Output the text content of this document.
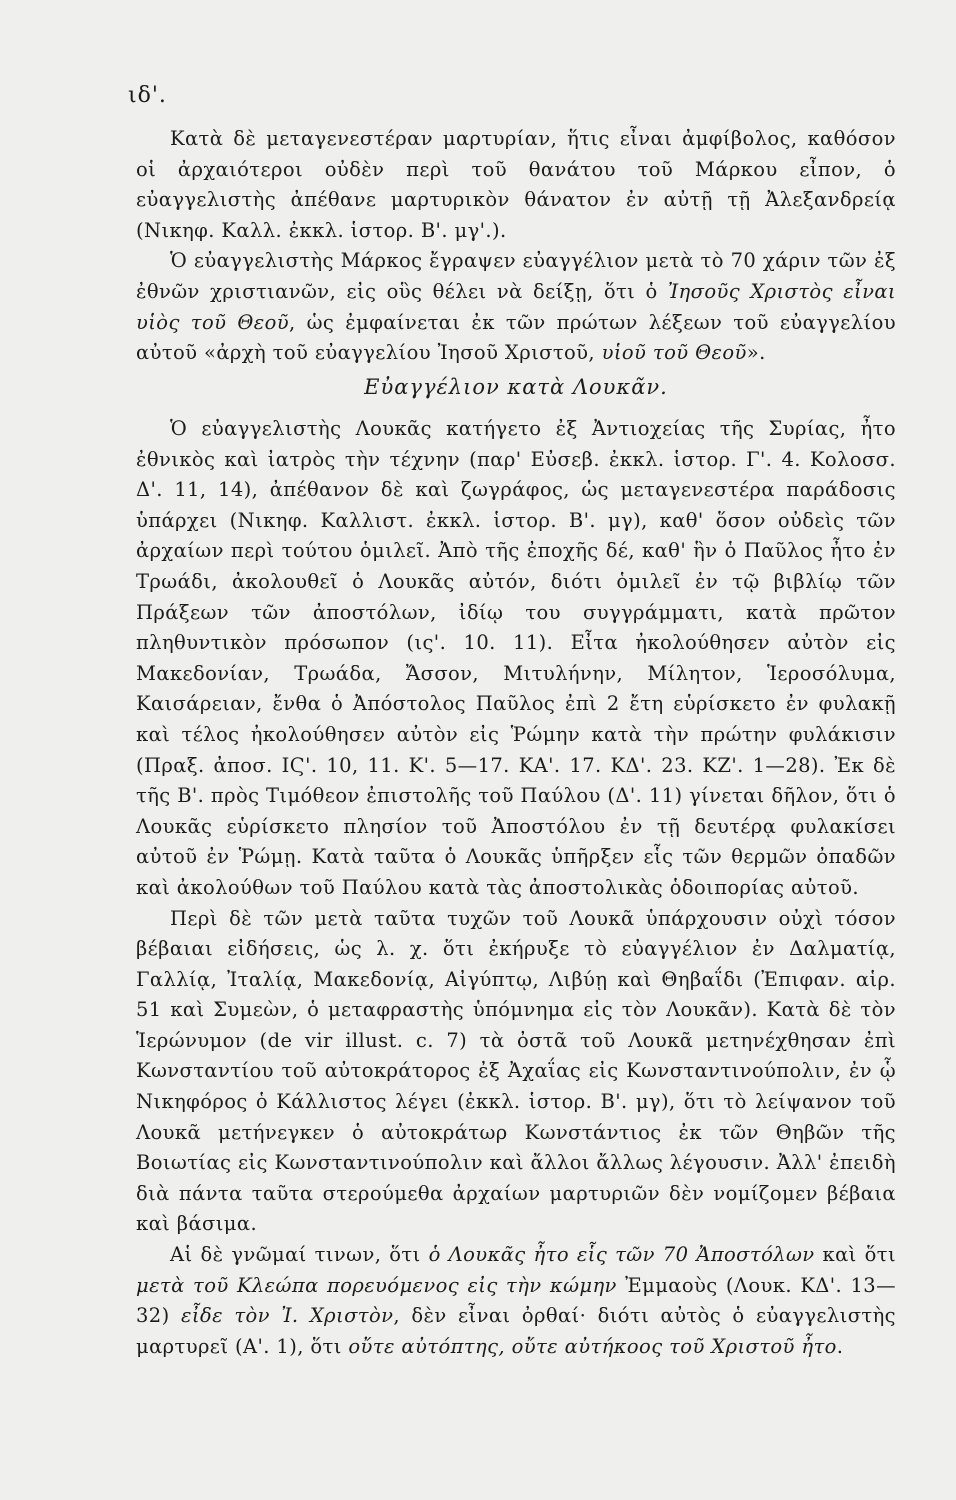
ιδ'.

Κατὰ δὲ μεταγενεστέραν μαρτυρίαν, ἥτις εἶναι ἀμφίβολος, καθόσον οἱ ἀρχαιότεροι οὐδὲν περὶ τοῦ θανάτου τοῦ Μάρκου εἶπον, ὁ εὐαγγελιστὴς ἀπέθανε μαρτυρικὸν θάνατον ἐν αὐτῇ τῇ Ἀλεξανδρείᾳ (Νικηφ. Καλλ. ἐκκλ. ἱστορ. Β'. μγ'.).

Ὁ εὐαγγελιστὴς Μάρκος ἔγραψεν εὐαγγέλιον μετὰ τὸ 70 χάριν τῶν ἐξ ἐθνῶν χριστιανῶν, εἰς οὓς θέλει νὰ δείξῃ, ὅτι ὁ Ἰησοῦς Χριστὸς εἶναι υἱὸς τοῦ Θεοῦ, ὡς ἐμφαίνεται ἐκ τῶν πρώτων λέξεων τοῦ εὐαγγελίου αὐτοῦ «ἀρχὴ τοῦ εὐαγγελίου Ἰησοῦ Χριστοῦ, υἱοῦ τοῦ Θεοῦ».

Εὐαγγέλιον κατὰ Λουκᾶν.

Ὁ εὐαγγελιστὴς Λουκᾶς κατήγετο ἐξ Ἀντιοχείας τῆς Συρίας, ἦτο ἐθνικὸς καὶ ἰατρὸς τὴν τέχνην (παρ' Εὐσεβ. ἐκκλ. ἱστορ. Γ'. 4. Κολοσσ. Δ'. 11, 14), ἀπέθανον δὲ καὶ ζωγράφος, ὡς μεταγενεστέρα παράδοσις ὑπάρχει (Νικηφ. Καλλιστ. ἐκκλ. ἱστορ. Β'. μγ), καθ' ὅσον οὐδεὶς τῶν ἀρχαίων περὶ τούτου ὁμιλεῖ. Ἀπὸ τῆς ἐποχῆς δέ, καθ' ἣν ὁ Παῦλος ἦτο ἐν Τρωάδι, ἀκολουθεῖ ὁ Λουκᾶς αὐτόν, διότι ὁμιλεῖ ἐν τῷ βιβλίῳ τῶν Πράξεων τῶν ἀποστόλων, ἰδίῳ του συγγράμματι, κατὰ πρῶτον πληθυντικὸν πρόσωπον (ις'. 10. 11). Εἶτα ἠκολούθησεν αὐτὸν εἰς Μακεδονίαν, Τρωάδα, Ἄσσον, Μιτυλήνην, Μίλητον, Ἱεροσόλυμα, Καισάρειαν, ἔνθα ὁ Ἀπόστολος Παῦλος ἐπὶ 2 ἔτη εὑρίσκετο ἐν φυλακῇ καὶ τέλος ἠκολούθησεν αὐτὸν εἰς Ῥώμην κατὰ τὴν πρώτην φυλάκισιν (Πραξ. ἀποσ. ΙϚ'. 10, 11. Κ'. 5—17. ΚΑ'. 17. ΚΔ'. 23. ΚΖ'. 1—28). Ἐκ δὲ τῆς Β'. πρὸς Τιμόθεον ἐπιστολῆς τοῦ Παύλου (Δ'. 11) γίνεται δῆλον, ὅτι ὁ Λουκᾶς εὑρίσκετο πλησίον τοῦ Ἀποστόλου ἐν τῇ δευτέρᾳ φυλακίσει αὐτοῦ ἐν Ῥώμῃ. Κατὰ ταῦτα ὁ Λουκᾶς ὑπῆρξεν εἷς τῶν θερμῶν ὀπαδῶν καὶ ἀκολούθων τοῦ Παύλου κατὰ τὰς ἀποστολικὰς ὁδοιπορίας αὐτοῦ.

Περὶ δὲ τῶν μετὰ ταῦτα τυχῶν τοῦ Λουκᾶ ὑπάρχουσιν οὐχὶ τόσον βέβαιαι εἰδήσεις, ὡς λ. χ. ὅτι ἐκήρυξε τὸ εὐαγγέλιον ἐν Δαλματίᾳ, Γαλλίᾳ, Ἰταλίᾳ, Μακεδονίᾳ, Αἰγύπτῳ, Λιβύῃ καὶ Θηβαΐδι (Ἐπιφαν. αἱρ. 51 καὶ Συμεὼν, ὁ μεταφραστὴς ὑπόμνημα εἰς τὸν Λουκᾶν). Κατὰ δὲ τὸν Ἱερώνυμον (de vir illust. c. 7) τὰ ὀστᾶ τοῦ Λουκᾶ μετηνέχθησαν ἐπὶ Κωνσταντίου τοῦ αὐτοκράτορος ἐξ Ἀχαΐας εἰς Κωνσταντινούπολιν, ἐν ᾧ Νικηφόρος ὁ Κάλλιστος λέγει (ἐκκλ. ἱστορ. Β'. μγ), ὅτι τὸ λείψανον τοῦ Λουκᾶ μετήνεγκεν ὁ αὐτοκράτωρ Κωνστάντιος ἐκ τῶν Θηβῶν τῆς Βοιωτίας εἰς Κωνσταντινούπολιν καὶ ἄλλοι ἄλλως λέγουσιν. Ἀλλ' ἐπειδὴ διὰ πάντα ταῦτα στερούμεθα ἀρχαίων μαρτυριῶν δὲν νομίζομεν βέβαια καὶ βάσιμα.

Αἱ δὲ γνῶμαί τινων, ὅτι ὁ Λουκᾶς ἦτο εἷς τῶν 70 Ἀποστόλων καὶ ὅτι μετὰ τοῦ Κλεώπα πορευόμενος εἰς τὴν κώμην Ἐμμαοὺς (Λουκ. ΚΔ'. 13—32) εἶδε τὸν Ἰ. Χριστὸν, δὲν εἶναι ὀρθαί· διότι αὐτὸς ὁ εὐαγγελιστὴς μαρτυρεῖ (Α'. 1), ὅτι οὔτε αὐτόπτης, οὔτε αὐτήκοος τοῦ Χριστοῦ ἦτο.
